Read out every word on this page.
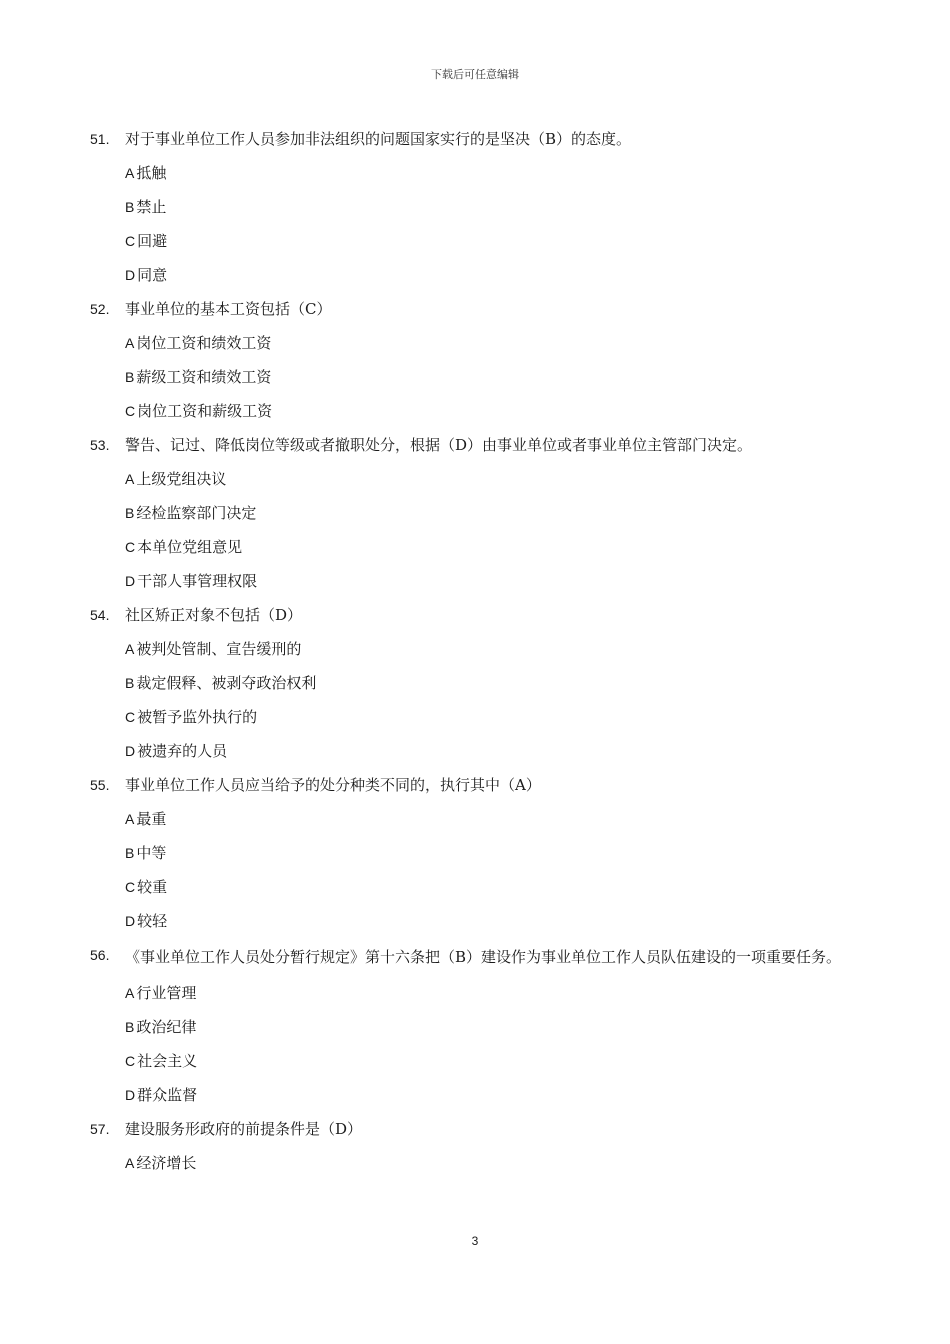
下载后可任意编辑
51. 对于事业单位工作人员参加非法组织的问题国家实行的是坚决（B）的态度。
A 抵触
B 禁止
C 回避
D 同意
52. 事业单位的基本工资包括（C）
A 岗位工资和绩效工资
B 薪级工资和绩效工资
C 岗位工资和薪级工资
53. 警告、记过、降低岗位等级或者撤职处分，根据（D）由事业单位或者事业单位主管部门决定。
A 上级党组决议
B 经检监察部门决定
C 本单位党组意见
D 干部人事管理权限
54. 社区矫正对象不包括（D）
A 被判处管制、宣告缓刑的
B 裁定假释、被剥夺政治权利
C 被暂予监外执行的
D 被遗弃的人员
55. 事业单位工作人员应当给予的处分种类不同的，执行其中（A）
A 最重
B 中等
C 较重
D 较轻
56. 《事业单位工作人员处分暂行规定》第十六条把（B）建设作为事业单位工作人员队伍建设的一项重要任务。
A 行业管理
B 政治纪律
C 社会主义
D 群众监督
57. 建设服务形政府的前提条件是（D）
A 经济增长
3
